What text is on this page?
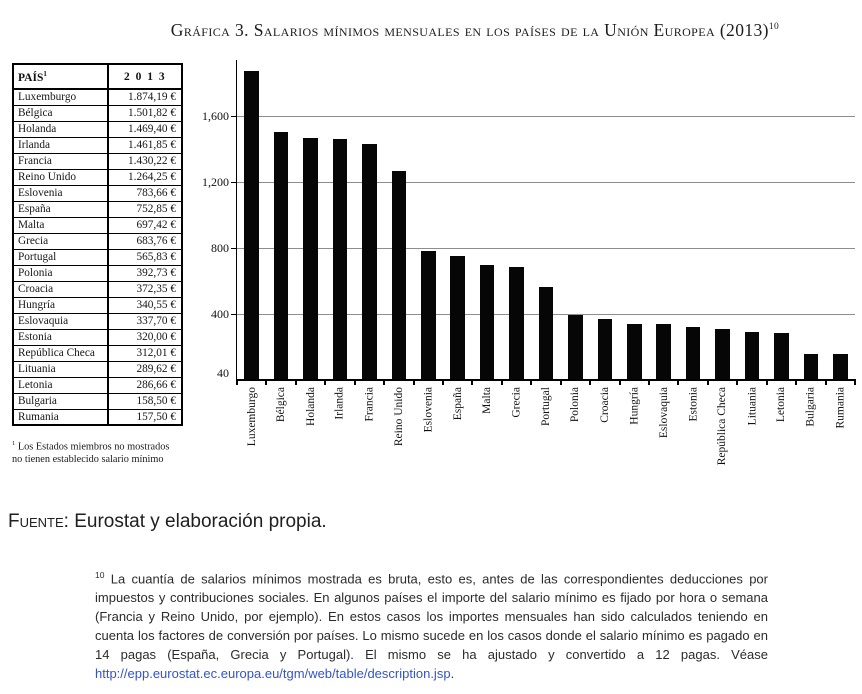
Gráfica 3. Salarios mínimos mensuales en los países de la Unión Europea $(2013)^{10}$
PAÍS$^1$	2 0 1 3
Luxemburgo	1.874,19 €
Bélgica	1.501,82 €
Holanda	1.469,40 €
Irlanda	1.461,85 €
Francia	1.430,22 €
Reino Unido	1.264,25 €
Eslovenia	783,66 €
España	752,85 €
Malta	697,42 €
Grecia	683,76 €
Portugal	565,83 €
Polonia	392,73 €
Croacia	372,35 €
Hungría	340,55 €
Eslovaquia	337,70 €
Estonia	320,00 €
República Checa	312,01 €
Lituania	289,62 €
Letonia	286,66 €
Bulgaria	158,50 €
Rumania	157,50 €
$^1$ Los Estados miembros no mostrados
no tienen establecido salario mínimo
1,600
1,200
800
400
40
Luxemburgo Bélgica Holanda Irlanda Francia Reino Unido Eslovenia España Malta Grecia Portugal Polonia Croacia Hungría Eslovaquia Estonia República Checa Lituania Letonia Bulgaria Rumania
Fuente: Eurostat y elaboración propia.
$^{10}$ La cuantía de salarios mínimos mostrada es bruta, esto es, antes de las correspondientes deducciones por impuestos y contribuciones sociales. En algunos países el importe del salario mínimo es fijado por hora o semana (Francia y Reino Unido, por ejemplo). En estos casos los importes mensuales han sido calculados teniendo en cuenta los factores de conversión por países. Lo mismo sucede en los casos donde el salario mínimo es pagado en 14 pagas (España, Grecia y Portugal). El mismo se ha ajustado y convertido a 12 pagas. Véase http://epp.eurostat.ec.europa.eu/tgm/web/table/description.jsp.
